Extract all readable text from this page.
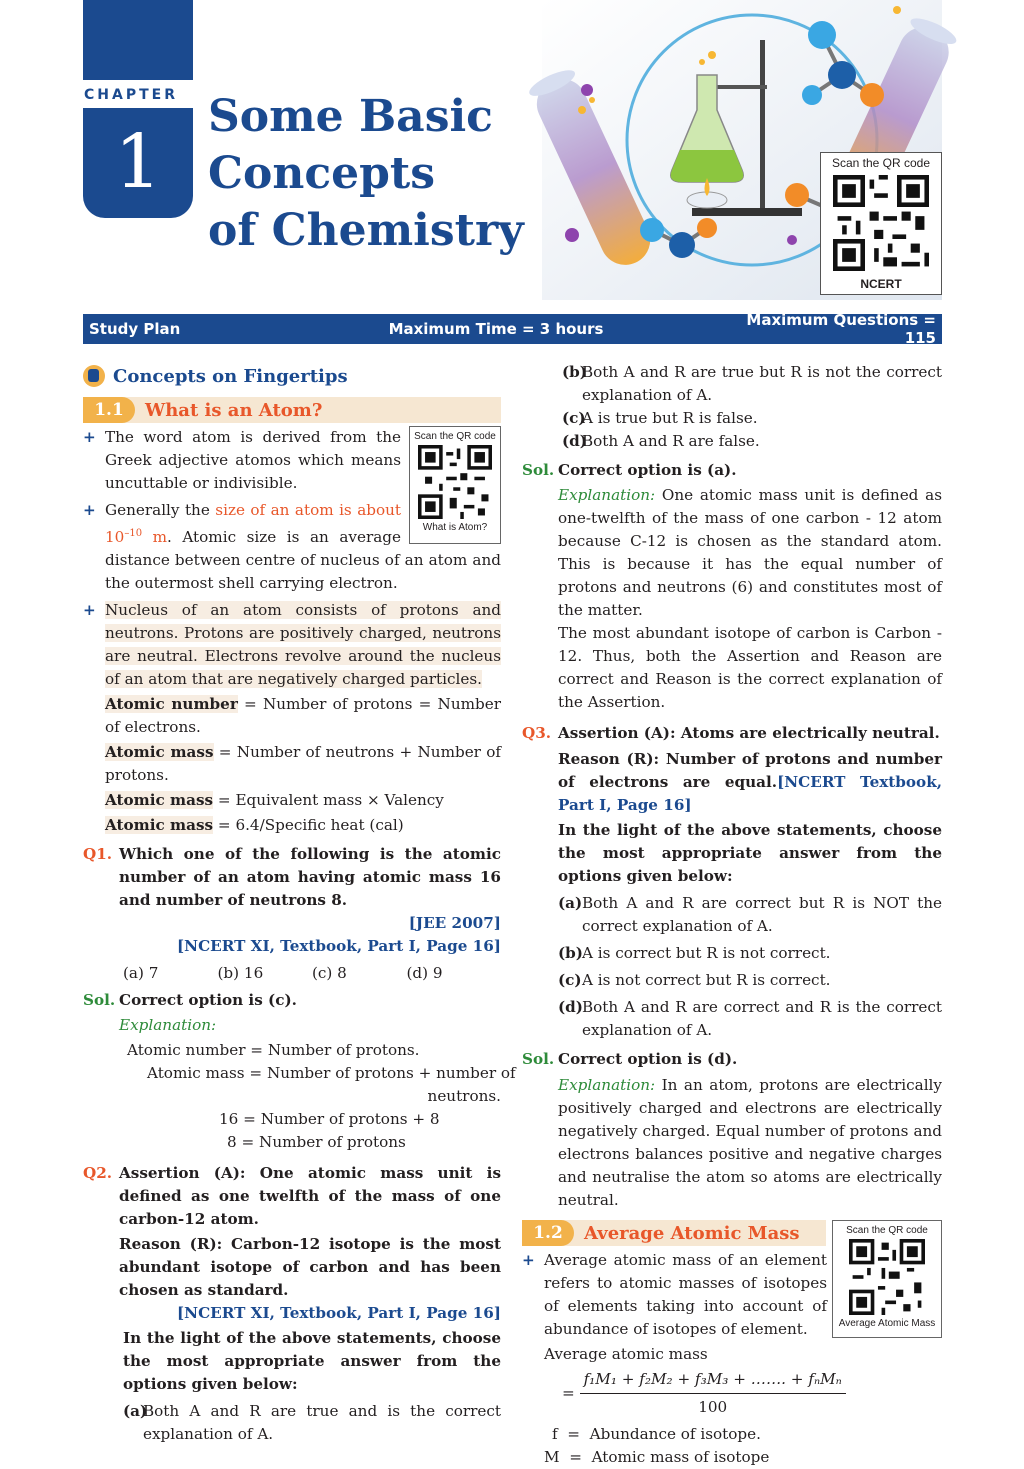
CHAPTER
1
Some Basic
Concepts
of Chemistry
Scan the QR code
NCERT
Study Plan	Maximum Time = 3 hours	Maximum Questions = 115
Concepts on Fingertips
1.1	What is an Atom?
Scan the QR code
What is Atom?
+ The word atom is derived from the Greek adjective atomos which means uncuttable or indivisible.
+ Generally the size of an atom is about $10^{-10}$ m. Atomic size is an average distance between centre of nucleus of an atom and the outermost shell carrying electron.
+ Nucleus of an atom consists of protons and neutrons. Protons are positively charged, neutrons are neutral. Electrons revolve around the nucleus of an atom that are negatively charged particles.
Atomic number = Number of protons = Number of electrons.
Atomic mass = Number of neutrons + Number of protons.
Atomic mass = Equivalent mass × Valency
Atomic mass = 6.4/Specific heat (cal)
Q1. Which one of the following is the atomic number of an atom having atomic mass 16 and number of neutrons 8.
[JEE 2007]
[NCERT XI, Textbook, Part I, Page 16]
(a) 7	(b) 16	(c) 8	(d) 9
Sol. Correct option is (c).
Explanation:
Atomic number = Number of protons.
Atomic mass = Number of protons + number of
neutrons.
16 = Number of protons + 8
8 = Number of protons
Q2. Assertion (A): One atomic mass unit is defined as one twelfth of the mass of one carbon-12 atom.
Reason (R): Carbon-12 isotope is the most abundant isotope of carbon and has been chosen as standard.
[NCERT XI, Textbook, Part I, Page 16]
In the light of the above statements, choose the most appropriate answer from the options given below:
(a)
Both A and R are true and is the correct explanation of A.
(b)
Both A and R are true but R is not the correct explanation of A.
(c)
A is true but R is false.
(d)
Both A and R are false.
Sol. Correct option is (a).
Explanation: One atomic mass unit is defined as one-twelfth of the mass of one carbon - 12 atom because C-12 is chosen as the standard atom. This is because it has the equal number of protons and neutrons (6) and constitutes most of the matter.
The most abundant isotope of carbon is Carbon - 12. Thus, both the Assertion and Reason are correct and Reason is the correct explanation of the Assertion.
Q3. Assertion (A): Atoms are electrically neutral.
Reason (R): Number of protons and number of electrons are equal.[NCERT Textbook, Part I, Page 16]
In the light of the above statements, choose the most appropriate answer from the options given below:
(a) Both A and R are correct but R is NOT the correct explanation of A.
(b) A is correct but R is not correct.
(c) A is not correct but R is correct.
(d) Both A and R are correct and R is the correct explanation of A.
Sol. Correct option is (d).
Explanation: In an atom, protons are electrically positively charged and electrons are electrically negatively charged. Equal number of protons and electrons balances positive and negative charges and neutralise the atom so atoms are electrically neutral.
Scan the QR code
Average Atomic Mass
1.2	Average Atomic Mass
+ Average atomic mass of an element refers to atomic masses of isotopes of elements taking into account of abundance of isotopes of element.
Average atomic mass
= $\frac{\text{f₁M₁ + f₂M₂ + f₃M₃ + ……. + fₙMₙ}}{100}$
f  =  Abundance of isotope.
M  =  Atomic mass of isotope
